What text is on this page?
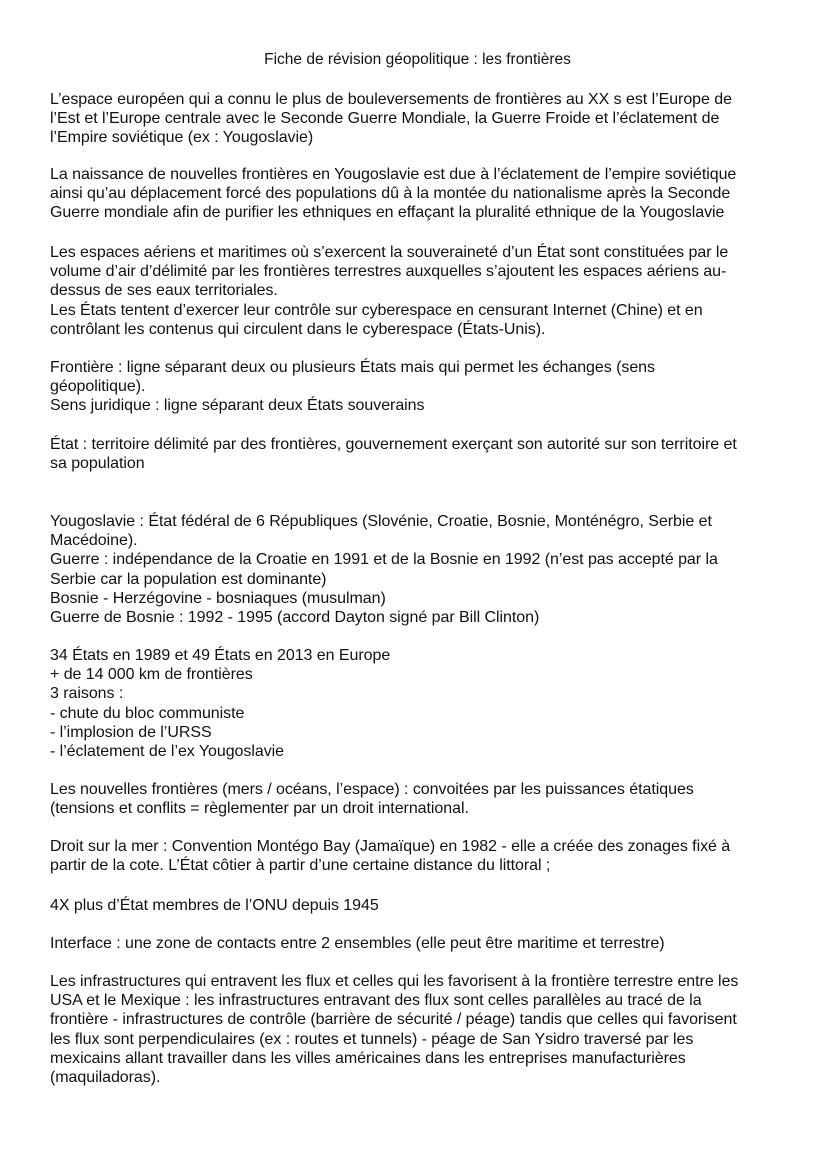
Fiche de révision géopolitique : les frontières
L’espace européen qui a connu le plus de bouleversements de frontières au XX s est l’Europe de
l’Est et l’Europe centrale avec le Seconde Guerre Mondiale, la Guerre Froide et l’éclatement de
l’Empire soviétique (ex : Yougoslavie)
La naissance de nouvelles frontières en Yougoslavie est due à l’éclatement de l’empire soviétique
ainsi qu’au déplacement forcé des populations dû à la montée du nationalisme après la Seconde
Guerre mondiale afin de purifier les ethniques en effaçant la pluralité ethnique de la Yougoslavie
Les espaces aériens et maritimes où s’exercent la souveraineté d’un État sont constituées par le
volume d’air d’délimité par les frontières terrestres auxquelles s’ajoutent les espaces aériens au-
dessus de ses eaux territoriales.
Les États tentent d’exercer leur contrôle sur cyberespace en censurant Internet (Chine) et en
contrôlant les contenus qui circulent dans le cyberespace (États-Unis).
Frontière : ligne séparant deux ou plusieurs États mais qui permet les échanges (sens
géopolitique).
Sens juridique : ligne séparant deux États souverains
État : territoire délimité par des frontières, gouvernement exerçant son autorité sur son territoire et
sa population
Yougoslavie : État fédéral de 6 Républiques (Slovénie, Croatie, Bosnie, Monténégro, Serbie et
Macédoine).
Guerre : indépendance de la Croatie en 1991 et de la Bosnie en 1992 (n’est pas accepté par la
Serbie car la population est dominante)
Bosnie - Herzégovine - bosniaques (musulman)
Guerre de Bosnie : 1992 - 1995 (accord Dayton signé par Bill Clinton)
34 États en 1989 et 49 États en 2013 en Europe
+ de 14 000 km de frontières
3 raisons :
- chute du bloc communiste
- l’implosion de l’URSS
- l’éclatement de l’ex Yougoslavie
Les nouvelles frontières (mers / océans, l’espace) : convoitées par les puissances étatiques
(tensions et conflits = règlementer par un droit international.
Droit sur la mer : Convention Montégo Bay (Jamaïque) en 1982 - elle a créée des zonages fixé à
partir de la cote. L’État côtier à partir d’une certaine distance du littoral ;
4X plus d’État membres de l’ONU depuis 1945
Interface : une zone de contacts entre 2 ensembles (elle peut être maritime et terrestre)
Les infrastructures qui entravent les flux et celles qui les favorisent à la frontière terrestre entre les
USA et le Mexique : les infrastructures entravant des flux sont celles parallèles au tracé de la
frontière - infrastructures de contrôle (barrière de sécurité / péage) tandis que celles qui favorisent
les flux sont perpendiculaires (ex : routes et tunnels) - péage de San Ysidro traversé par les
mexicains allant travailler dans les villes américaines dans les entreprises manufacturières
(maquiladoras).
